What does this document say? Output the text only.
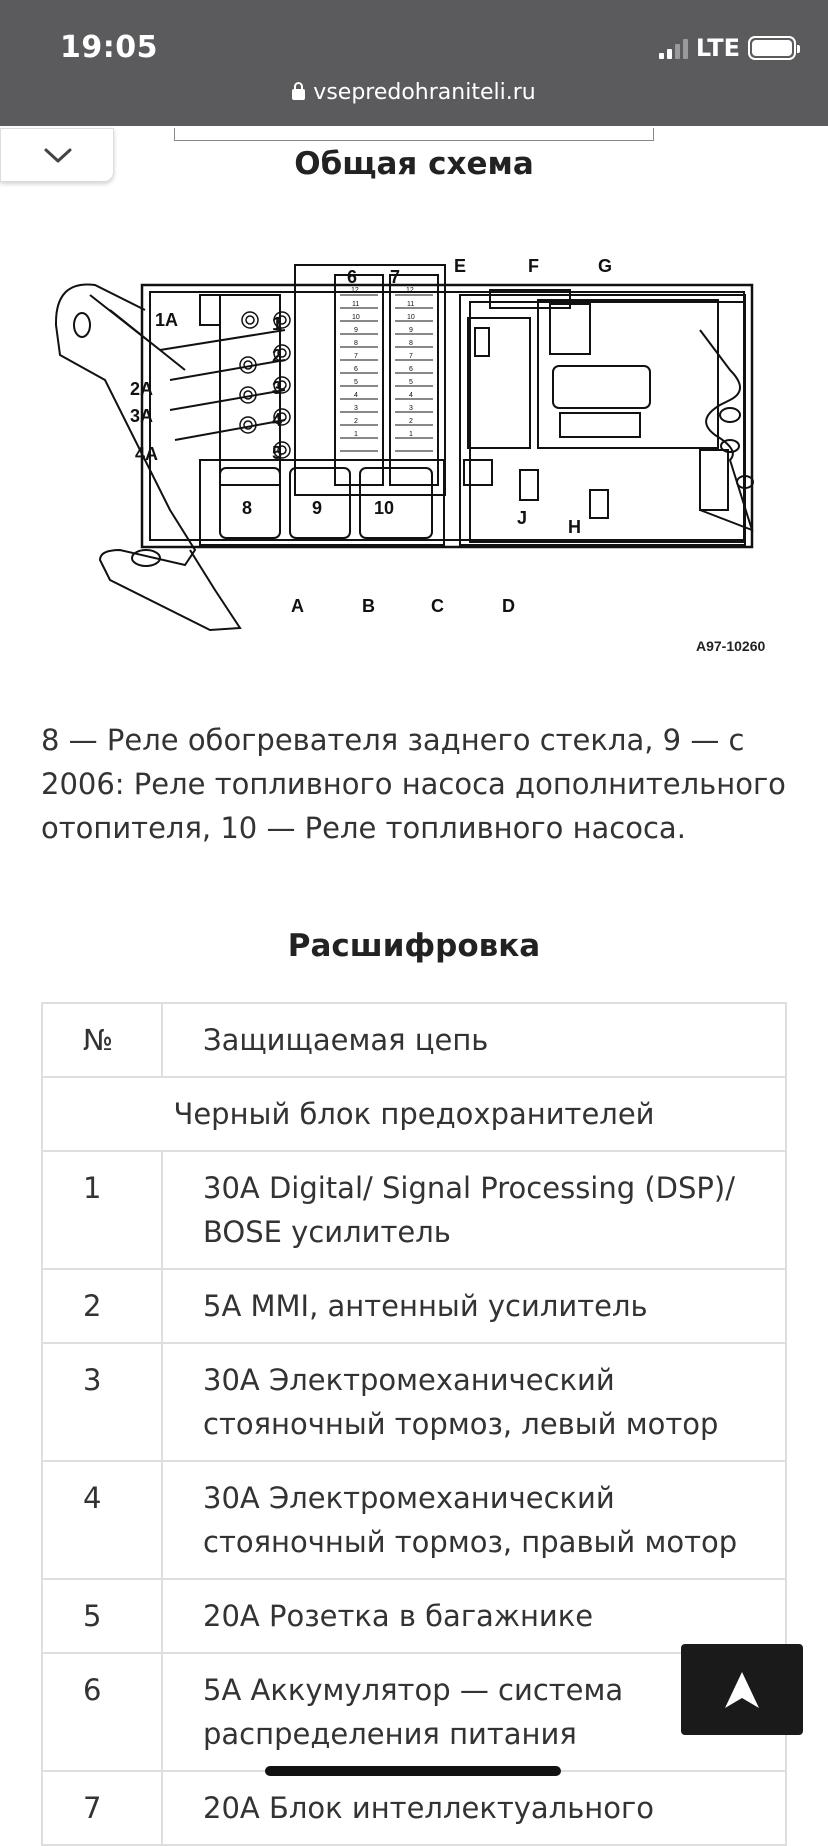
19:05	LTE
vsepredohraniteli.ru
Общая схема
1A
2A
3A
4A
1
2
3
4
5
6 7
8	9	10
E	F	G
J H
A	B	C	D
12
11
10
9
8
7
6
5
4
3
2
1
12
11
10
9
8
7
6
5
4
3
2
1
A97-10260

8 — Реле обогревателя заднего стекла, 9 — с 2006: Реле топливного насоса дополнительного отопителя, 10 — Реле топливного насоса.

Расшифровка
№	Защищаемая цепь
Черный блок предохранителей	
1	30A Digital/ Signal Processing (DSP)/ BOSE усилитель
2	5A MMI, антенный усилитель
3	30A Электромеханический стояночный тормоз, левый мотор
4	30A Электромеханический стояночный тормоз, правый мотор
5	20A Розетка в багажнике
6	5A Аккумулятор — система распределения питания
7	20A Блок интеллектуального
